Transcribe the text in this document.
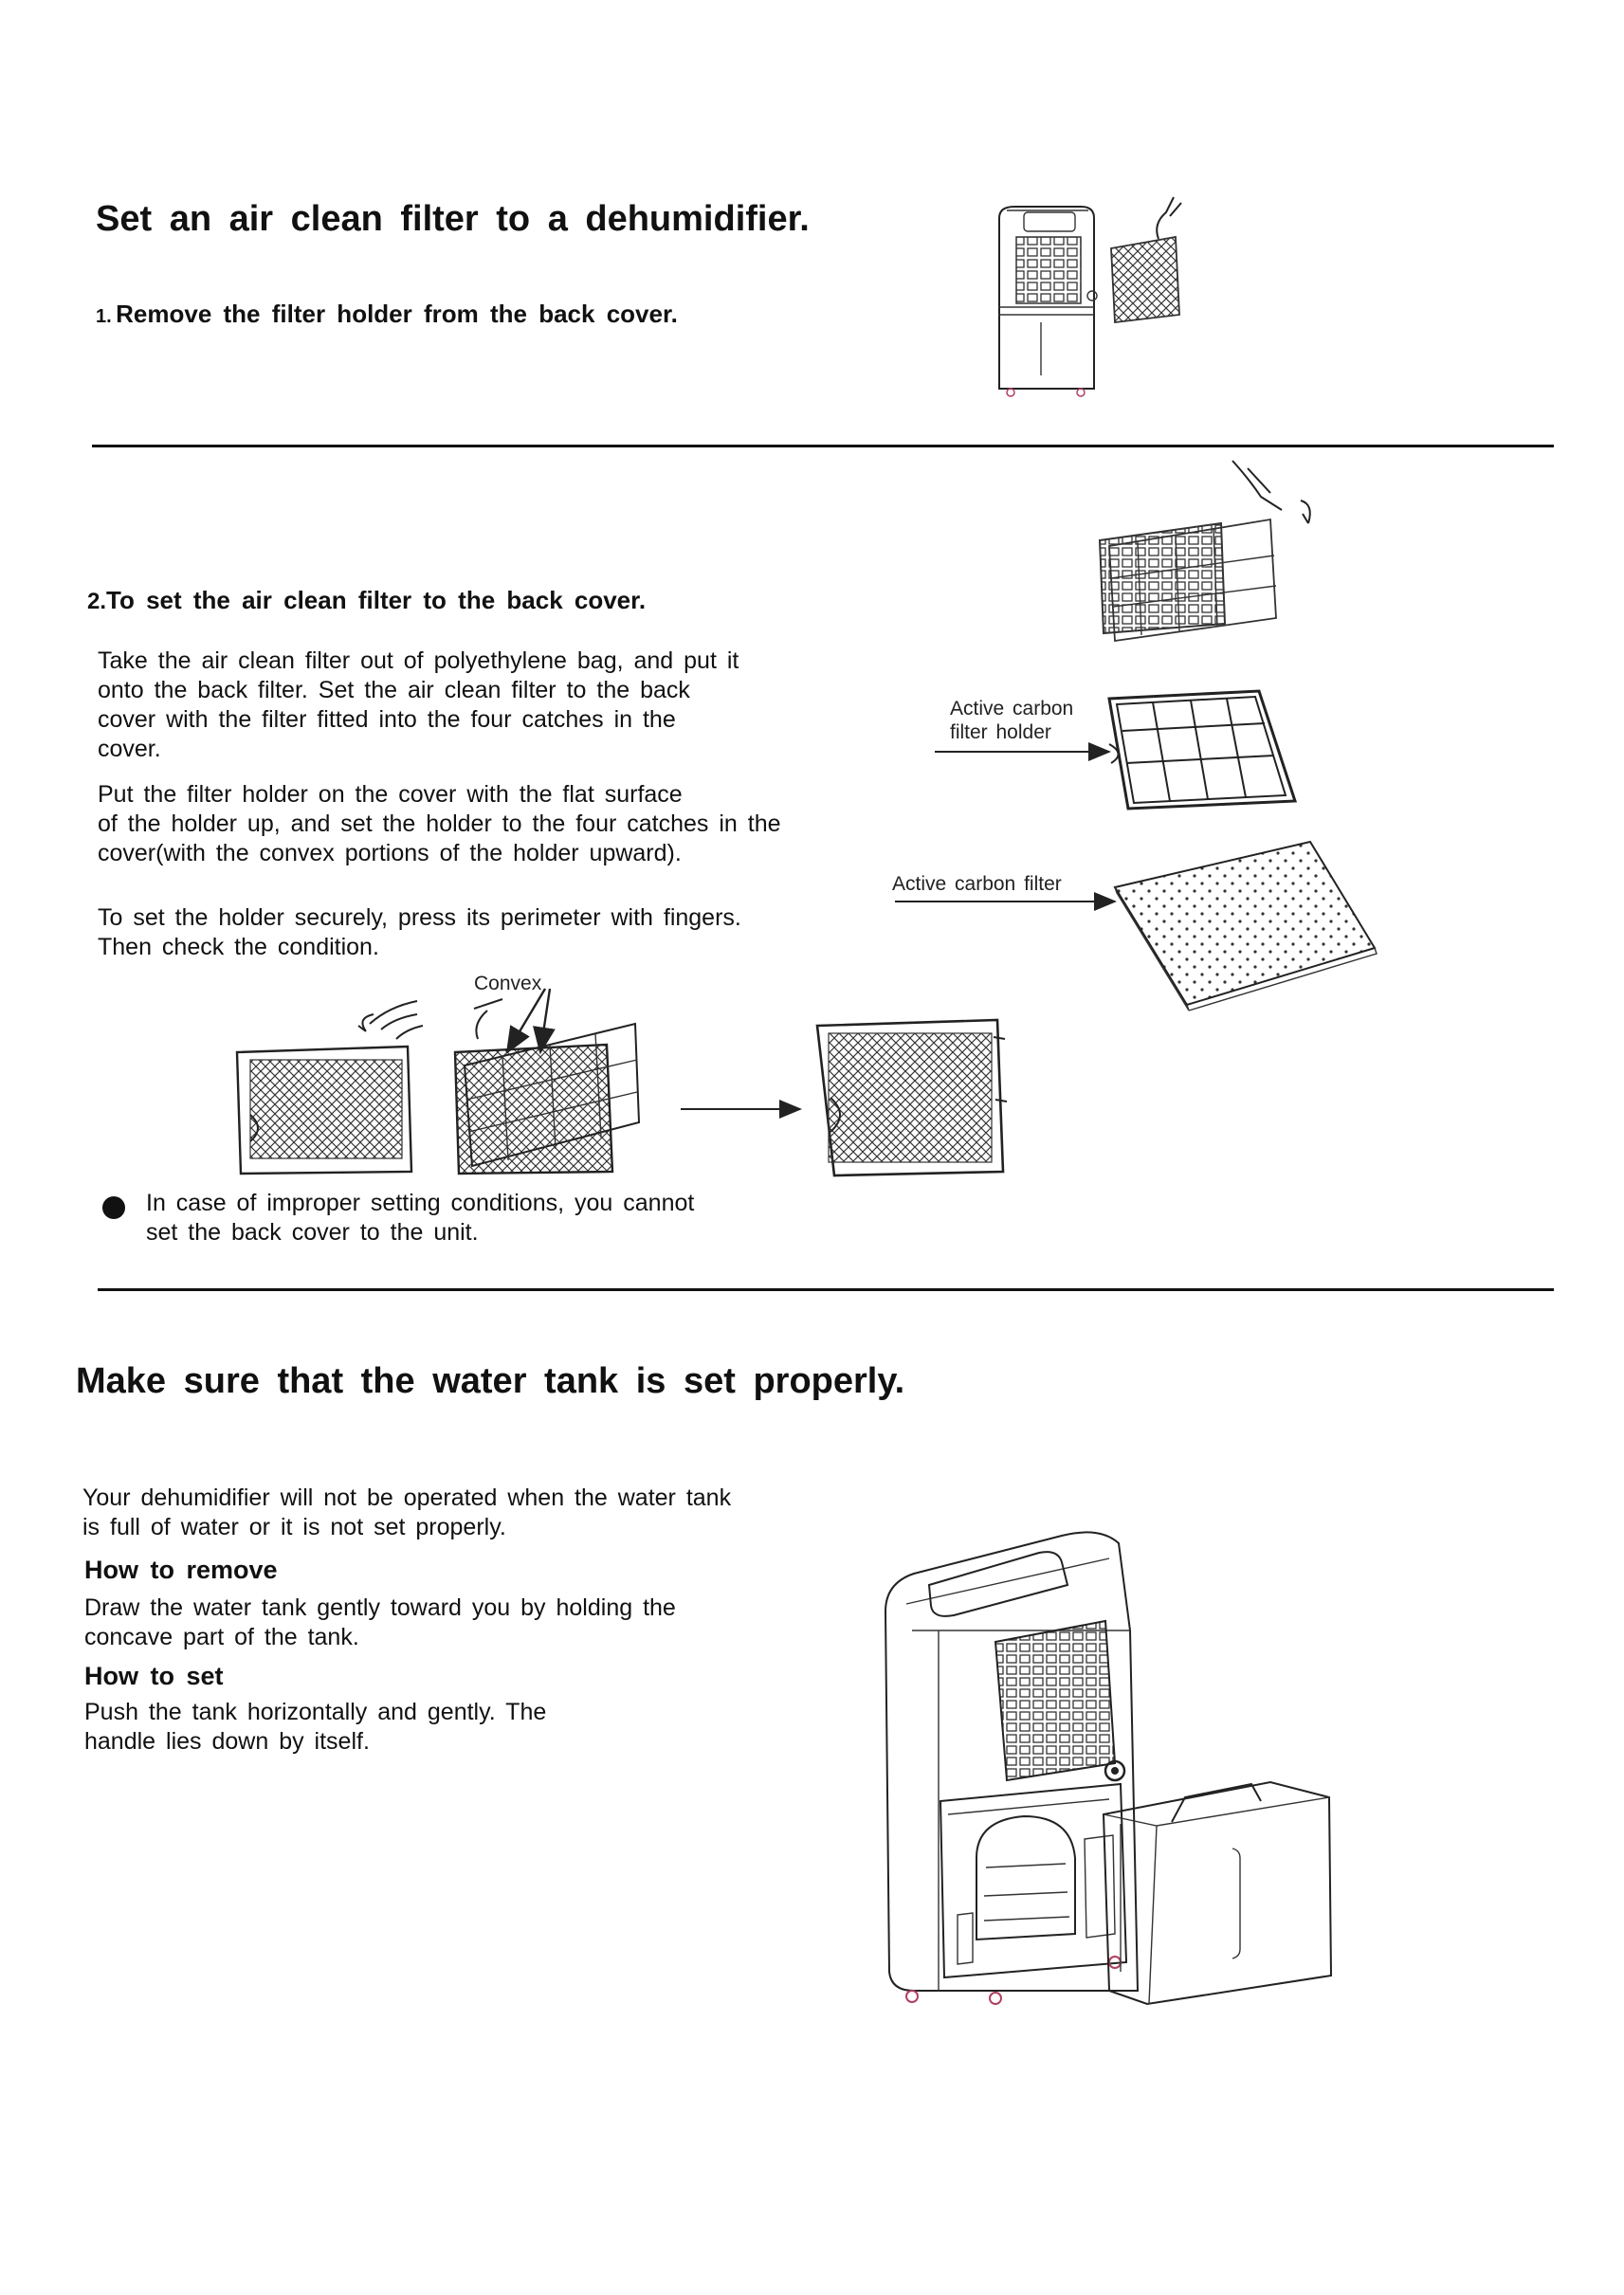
Set an air clean filter to a dehumidifier.
1. Remove the filter holder from the back cover.
2.To set the air clean filter to the back cover.
Take the air clean filter out of polyethylene bag, and put it
onto the back filter. Set the air clean filter to the back
cover with the filter fitted into the four catches in the
cover.
Put the filter holder on the cover with the flat surface
of the holder up, and set the holder to the four catches in the
cover(with the convex portions of the holder upward).
To set the holder securely, press its perimeter with fingers.
Then check the condition.
Active carbon
filter holder
Active carbon filter
Convex
In case of improper setting conditions, you cannot
set the back cover to the unit.
Make sure that the water tank is set properly.
Your dehumidifier will not be operated when the water tank
is full of water or it is not set properly.
How to remove
Draw the water tank gently toward you by holding the
concave part of the tank.
How to set
Push the tank horizontally and gently. The
handle lies down by itself.
